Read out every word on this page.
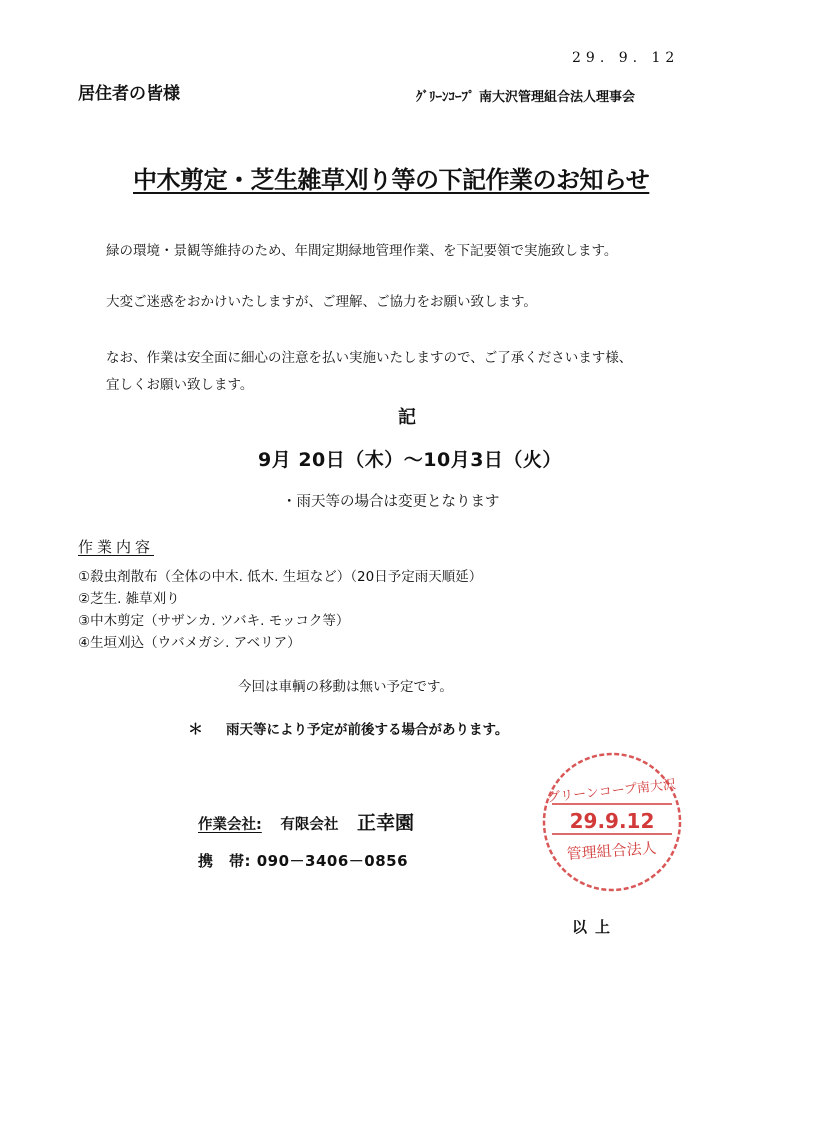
29. 9. 12
居住者の皆様	ｸﾞﾘｰﾝｺｰﾌﾟ 南大沢管理組合法人理事会
中木剪定・芝生雑草刈り等の下記作業のお知らせ
緑の環境・景観等維持のため、年間定期緑地管理作業、を下記要領で実施致します。
大変ご迷惑をおかけいたしますが、ご理解、ご協力をお願い致します。
なお、作業は安全面に細心の注意を払い実施いたしますので、ご了承くださいます様、
宜しくお願い致します。
記
9月 20日（木）～10月3日（火）
・雨天等の場合は変更となります
作業内容
①殺虫剤散布（全体の中木. 低木. 生垣など）（20日予定雨天順延）
②芝生. 雑草刈り
③中木剪定（サザンカ. ツバキ. モッコク等）
④生垣刈込（ウバメガシ. アベリア）
今回は車輌の移動は無い予定です。
＊ 雨天等により予定が前後する場合があります。
作業会社: 有限会社 正幸園
携　帯: 090－3406－0856
グリーンコープ南大沢
29.9.12
管理組合法人
以上
